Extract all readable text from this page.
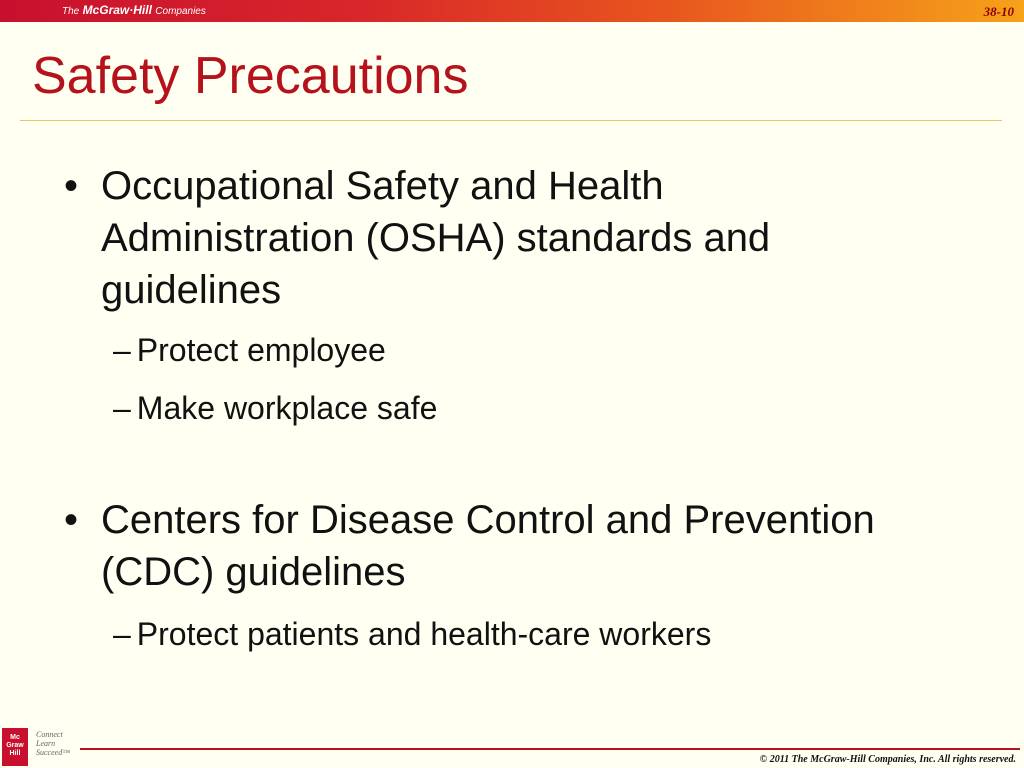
The McGraw·Hill Companies	38-10
Safety Precautions
• Occupational Safety and Health Administration (OSHA) standards and guidelines
– Protect employee
– Make workplace safe
• Centers for Disease Control and Prevention (CDC) guidelines
– Protect patients and health-care workers
Mc
Graw
Hill
Connect
Learn
Succeed™
© 2011 The McGraw-Hill Companies, Inc. All rights reserved.
